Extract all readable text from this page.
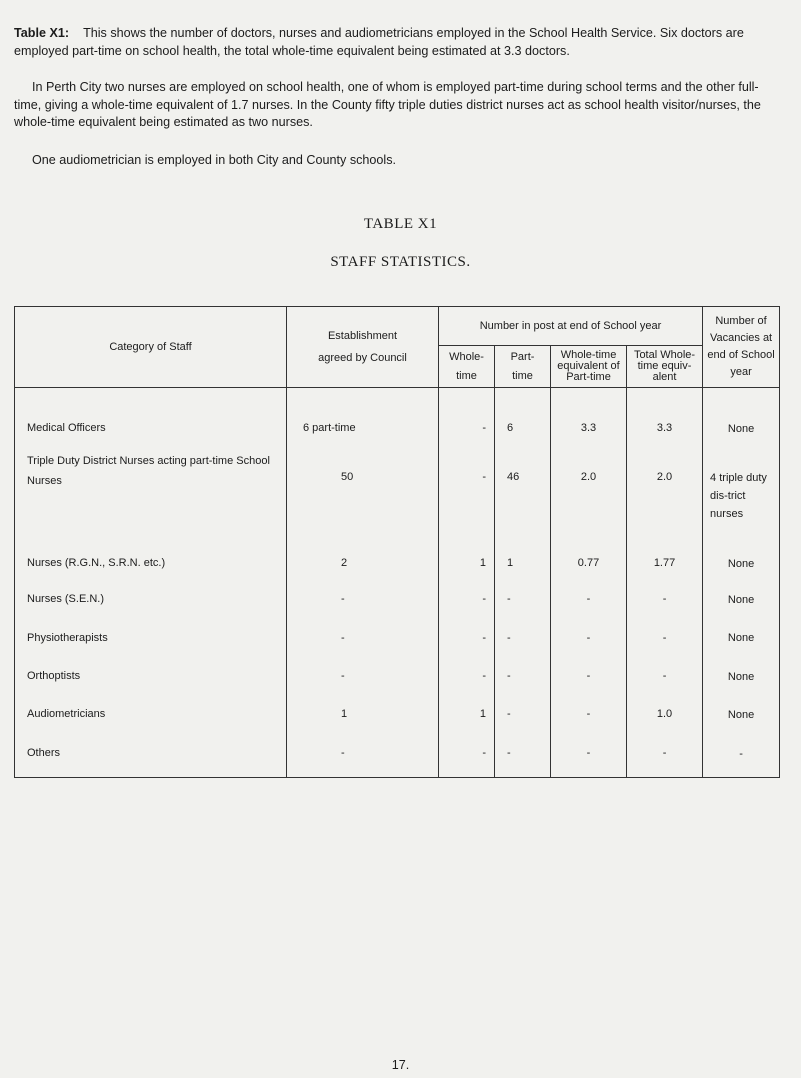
Table X1: This shows the number of doctors, nurses and audiometricians employed in the School Health Service. Six doctors are employed part-time on school health, the total whole-time equivalent being estimated at 3.3 doctors.

In Perth City two nurses are employed on school health, one of whom is employed part-time during school terms and the other full-time, giving a whole-time equivalent of 1.7 nurses. In the County fifty triple duties district nurses act as school health visitor/nurses, the whole-time equivalent being estimated as two nurses.

One audiometrician is employed in both City and County schools.

TABLE X1
STAFF STATISTICS.
Category of Staff	Establishment agreed by Council	Number in post at end of School year				Number of Vacancies at end of School year

		Whole-time	Part-time	Whole-time equivalent of Part-time	Total Whole-time equiv-alent	

Medical Officers	6 part-time	-	6	3.3	3.3	None

Triple Duty District Nurses acting part-time School Nurses	50	-	46	2.0	2.0	4 triple duty dis-trict nurses

Nurses (R.G.N., S.R.N. etc.)	2	1	1	0.77	1.77	None
Nurses (S.E.N.)	-	-	-	-	-	None
Physiotherapists	-	-	-	-	-	None
Orthoptists	-	-	-	-	-	None
Audiometricians	1	1	-	-	1.0	None
Others	-	-	-	-	-	-
17.
